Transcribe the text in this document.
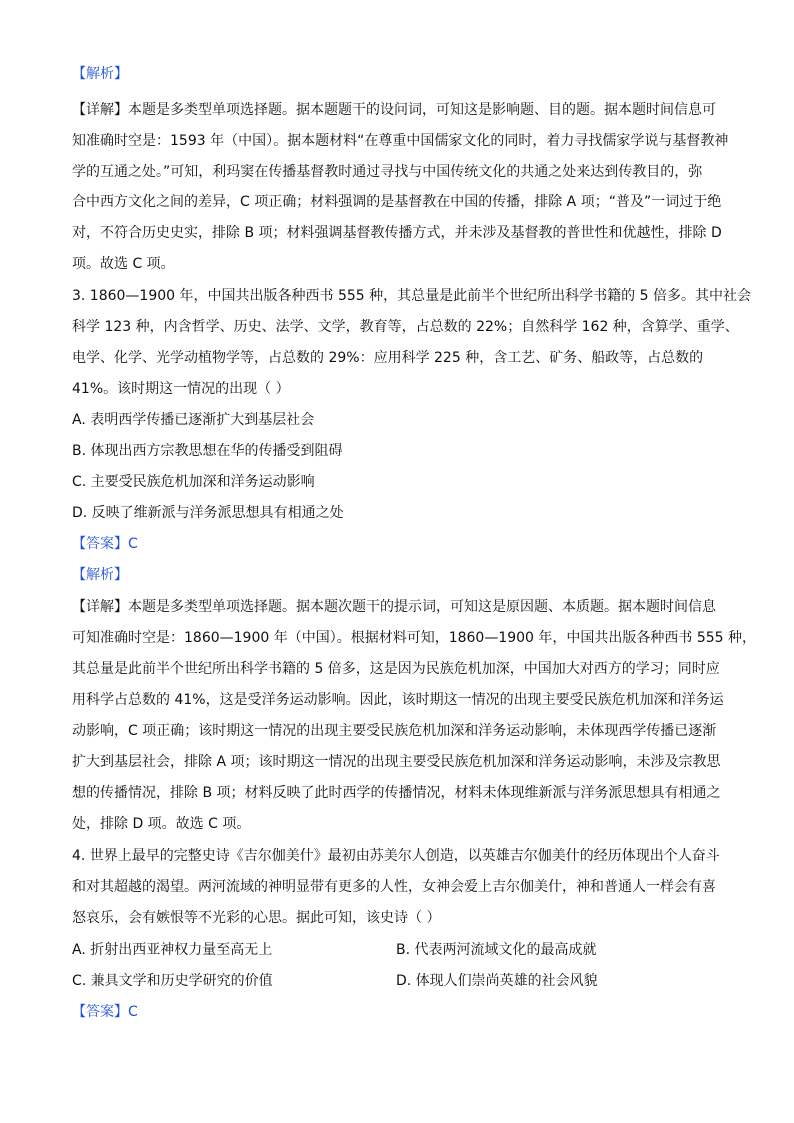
【解析】
【详解】本题是多类型单项选择题。据本题题干的设问词，可知这是影响题、目的题。据本题时间信息可
知准确时空是：1593 年（中国）。据本题材料“在尊重中国儒家文化的同时，着力寻找儒家学说与基督教神
学的互通之处。”可知，利玛窦在传播基督教时通过寻找与中国传统文化的共通之处来达到传教目的，弥
合中西方文化之间的差异，C 项正确；材料强调的是基督教在中国的传播，排除 A 项；“普及”一词过于绝
对，不符合历史史实，排除 B 项；材料强调基督教传播方式，并未涉及基督教的普世性和优越性，排除 D
项。故选 C 项。
3. 1860—1900 年，中国共出版各种西书 555 种，其总量是此前半个世纪所出科学书籍的 5 倍多。其中社会
科学 123 种，内含哲学、历史、法学、文学，教育等，占总数的 22%；自然科学 162 种，含算学、重学、
电学、化学、光学动植物学等，占总数的 29%：应用科学 225 种，含工艺、矿务、船政等，占总数的
41%。该时期这一情况的出现（ ）
A. 表明西学传播已逐渐扩大到基层社会
B. 体现出西方宗教思想在华的传播受到阻碍
C. 主要受民族危机加深和洋务运动影响
D. 反映了维新派与洋务派思想具有相通之处
【答案】C
【解析】
【详解】本题是多类型单项选择题。据本题次题干的提示词，可知这是原因题、本质题。据本题时间信息
可知准确时空是：1860—1900 年（中国）。根据材料可知，1860—1900 年，中国共出版各种西书 555 种，
其总量是此前半个世纪所出科学书籍的 5 倍多，这是因为民族危机加深，中国加大对西方的学习；同时应
用科学占总数的 41%，这是受洋务运动影响。因此，该时期这一情况的出现主要受民族危机加深和洋务运
动影响，C 项正确；该时期这一情况的出现主要受民族危机加深和洋务运动影响，未体现西学传播已逐渐
扩大到基层社会，排除 A 项；该时期这一情况的出现主要受民族危机加深和洋务运动影响，未涉及宗教思
想的传播情况，排除 B 项；材料反映了此时西学的传播情况，材料未体现维新派与洋务派思想具有相通之
处，排除 D 项。故选 C 项。
4. 世界上最早的完整史诗《吉尔伽美什》最初由苏美尔人创造，以英雄吉尔伽美什的经历体现出个人奋斗
和对其超越的渴望。两河流域的神明显带有更多的人性，女神会爱上吉尔伽美什，神和普通人一样会有喜
怒哀乐，会有嫉恨等不光彩的心思。据此可知，该史诗（ ）
A. 折射出西亚神权力量至高无上	B. 代表两河流域文化的最高成就
C. 兼具文学和历史学研究的价值	D. 体现人们崇尚英雄的社会风貌
【答案】C
